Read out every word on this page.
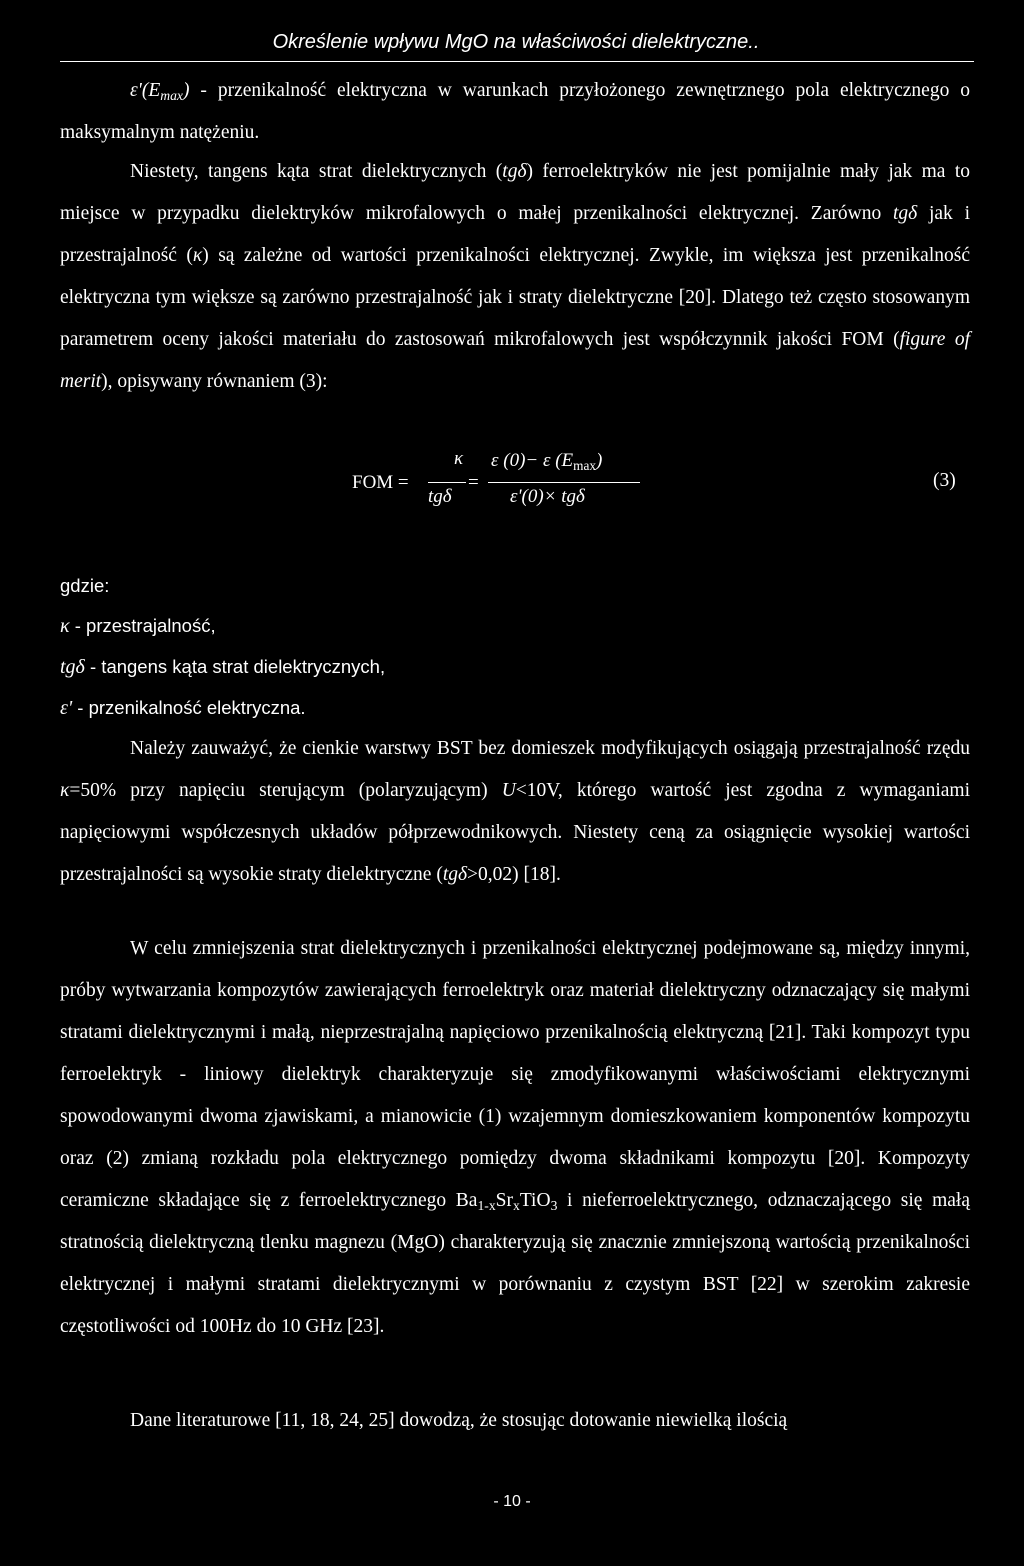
Określenie wpływu MgO na właściwości dielektryczne..

$\varepsilon'(E_{max})$ - przenikalność elektryczna w warunkach przyłożonego zewnętrznego pola elektrycznego o maksymalnym natężeniu.

Niestety, tangens kąta strat dielektrycznych (tgδ) ferroelektryków nie jest pomijalnie mały jak ma to miejsce w przypadku dielektryków mikrofalowych o małej przenikalności elektrycznej. Zarówno tgδ jak i przestrajalność (κ) są zależne od wartości przenikalności elektrycznej. Zwykle, im większa jest przenikalność elektryczna tym większe są zarówno przestrajalność jak i straty dielektryczne [20]. Dlatego też często stosowanym parametrem oceny jakości materiału do zastosowań mikrofalowych jest współczynnik jakości FOM (figure of merit), opisywany równaniem (3):

FOM =
κ
tgδ
=
ε (0)− ε $(E_{max})$
ε'(0)× tgδ
(3)
gdzie:
κ - przestrajalność,
tgδ - tangens kąta strat dielektrycznych,
ε' - przenikalność elektryczna.

Należy zauważyć, że cienkie warstwy BST bez domieszek modyfikujących osiągają przestrajalność rzędu κ=50% przy napięciu sterującym (polaryzującym) U<10V, którego wartość jest zgodna z wymaganiami napięciowymi współczesnych układów półprzewodnikowych. Niestety ceną za osiągnięcie wysokiej wartości przestrajalności są wysokie straty dielektryczne (tgδ>0,02) [18].

W celu zmniejszenia strat dielektrycznych i przenikalności elektrycznej podejmowane są, między innymi, próby wytwarzania kompozytów zawierających ferroelektryk oraz materiał dielektryczny odznaczający się małymi stratami dielektrycznymi i małą, nieprzestrajalną napięciowo przenikalnością elektryczną [21]. Taki kompozyt typu ferroelektryk - liniowy dielektryk charakteryzuje się zmodyfikowanymi właściwościami elektrycznymi spowodowanymi dwoma zjawiskami, a mianowicie (1) wzajemnym domieszkowaniem komponentów kompozytu oraz (2) zmianą rozkładu pola elektrycznego pomiędzy dwoma składnikami kompozytu [20]. Kompozyty ceramiczne składające się z ferroelektrycznego $Ba_{1-x}Sr_xTiO_3$ i nieferroelektrycznego, odznaczającego się małą stratnością dielektryczną tlenku magnezu (MgO) charakteryzują się znacznie zmniejszoną wartością przenikalności elektrycznej i małymi stratami dielektrycznymi w porównaniu z czystym BST [22] w szerokim zakresie częstotliwości od 100Hz do 10 GHz [23].

Dane literaturowe [11, 18, 24, 25] dowodzą, że stosując dotowanie niewielką ilością

- 10 -
